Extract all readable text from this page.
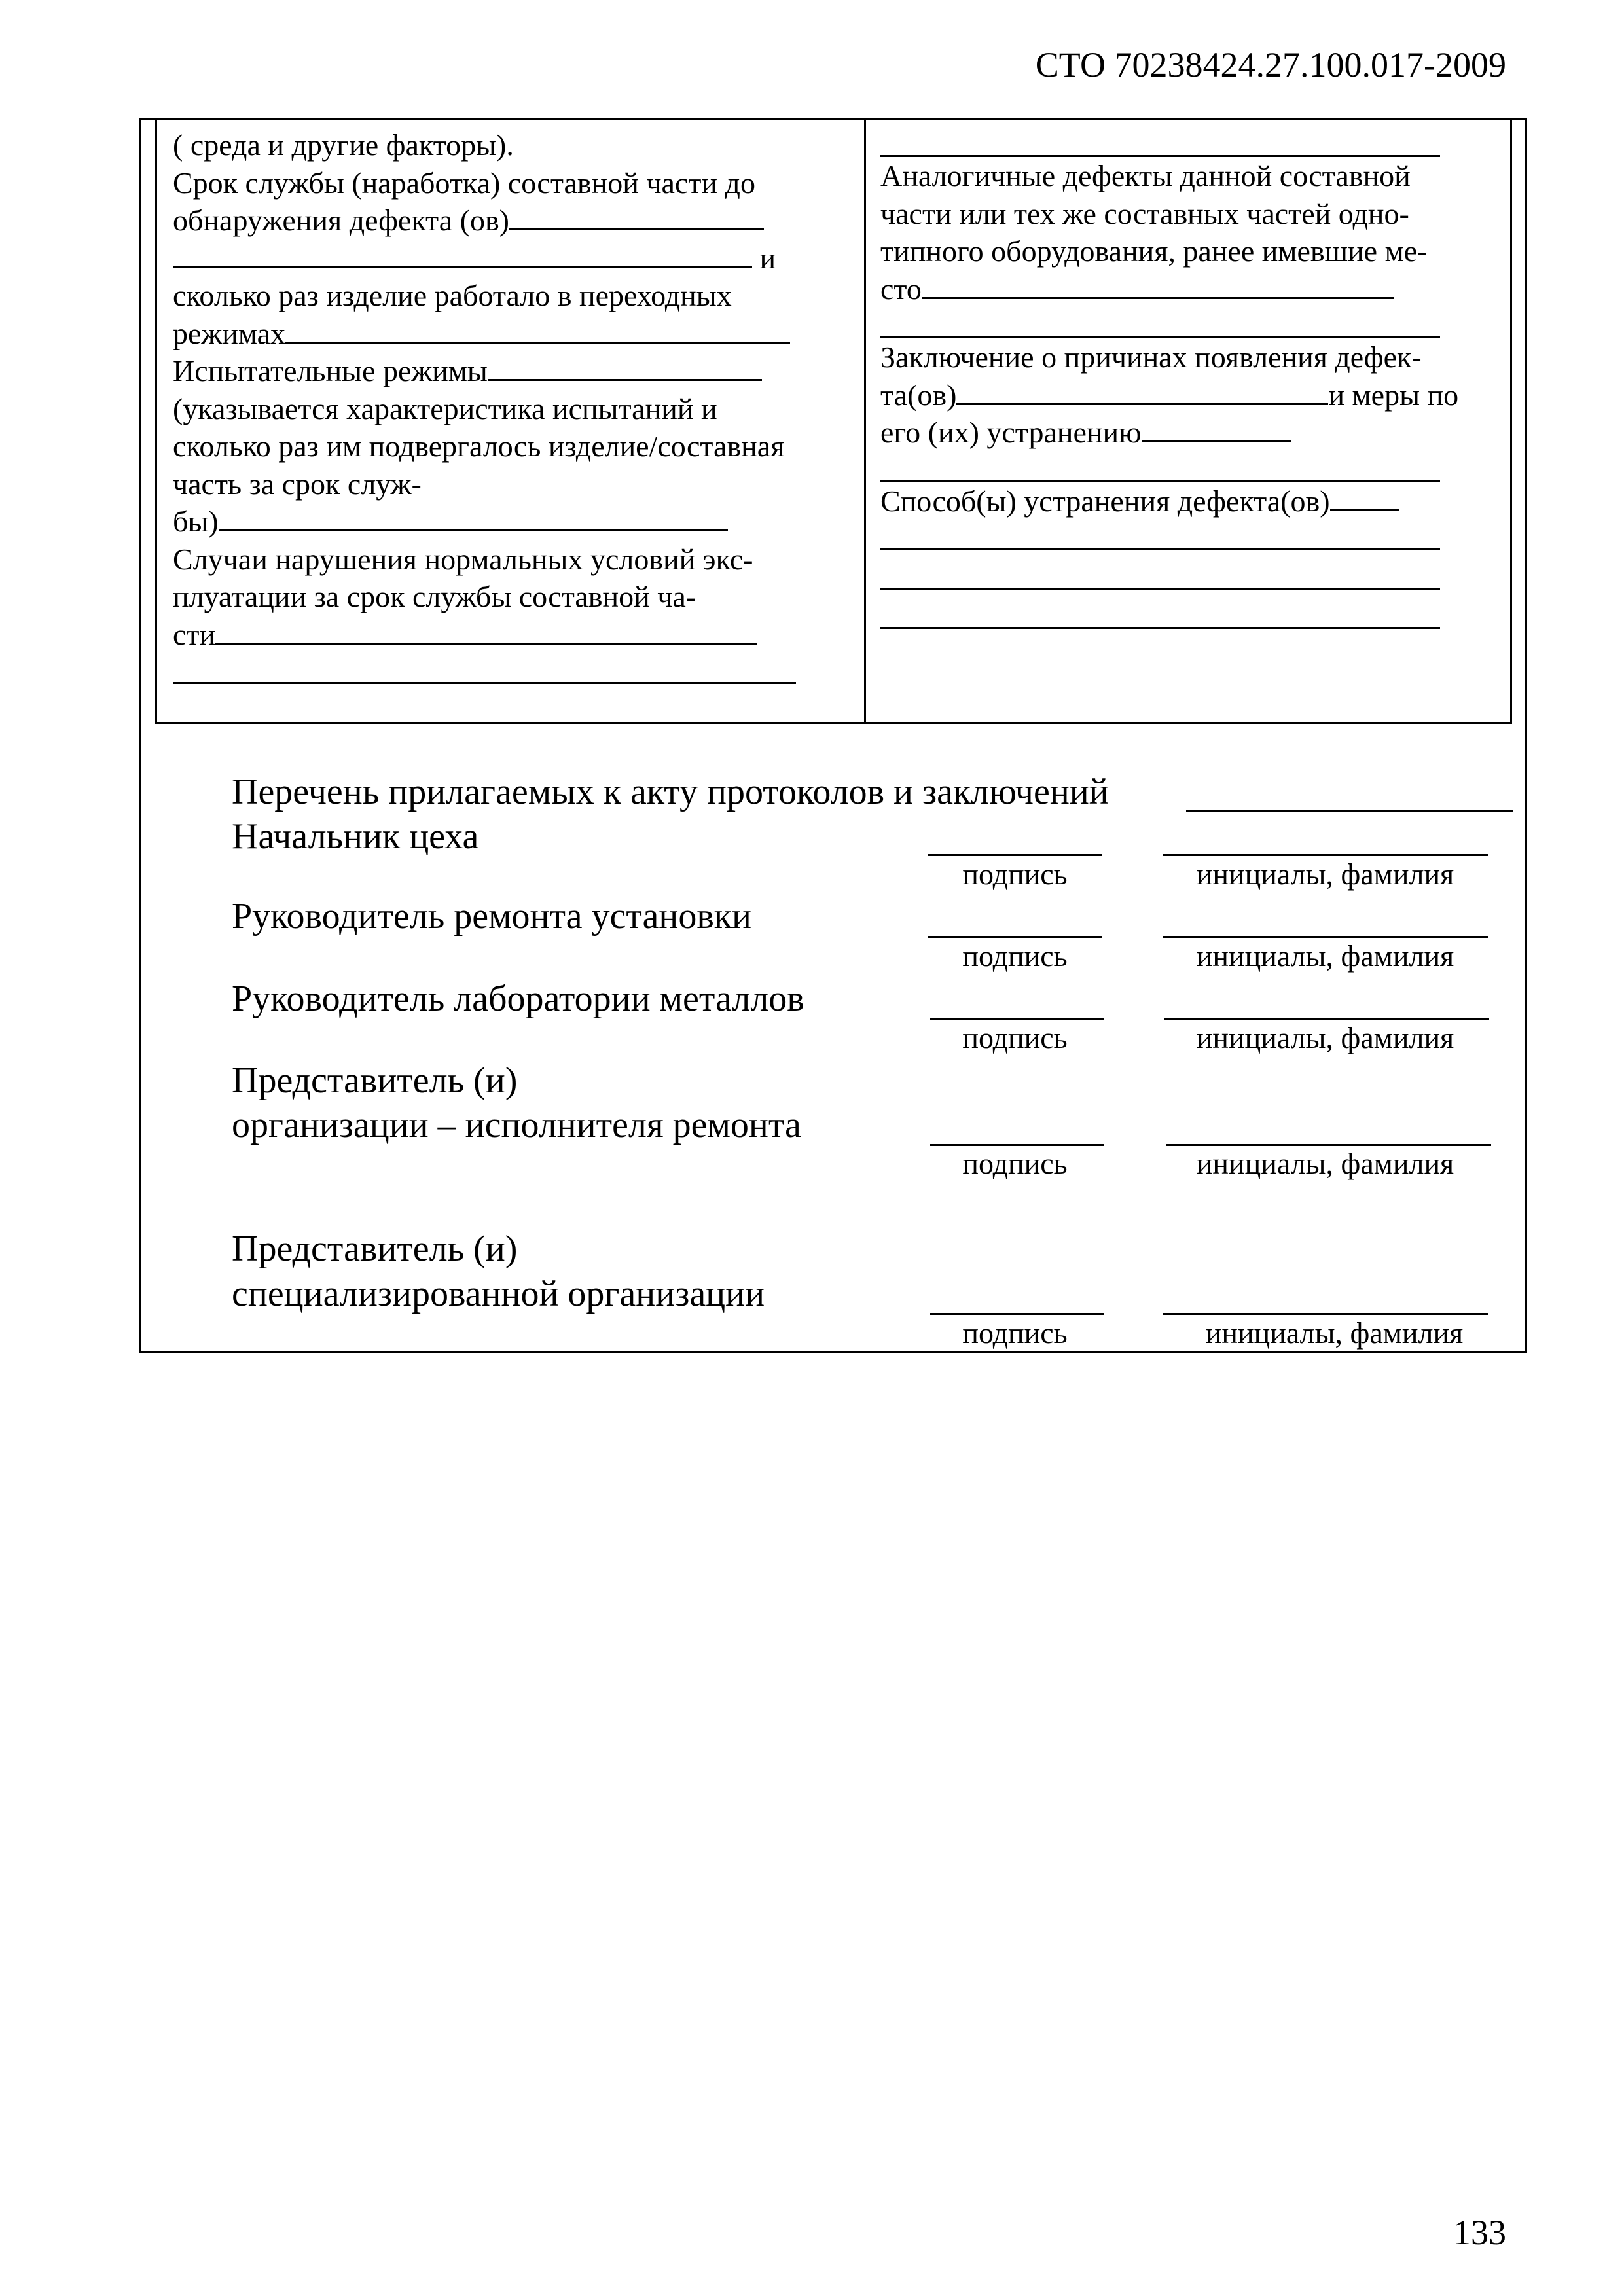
СТО 70238424.27.100.017-2009
( среда и другие факторы).
Срок службы (наработка) составной части до
обнаружения дефекта (ов)
и
сколько раз изделие работало в переходных
режимах
Испытательные режимы
(указывается характеристика испытаний и
сколько раз им подвергалось изделие/составная
часть за срок служ-
бы)
Случаи нарушения нормальных условий экс-
плуатации за срок службы составной ча-
сти
Аналогичные дефекты данной составной
части или тех же составных частей одно-
типного оборудования, ранее имевшие ме-
сто
Заключение о причинах появления дефек-
та(ов)	и меры по
его (их) устранению
Способ(ы) устранения дефекта(ов)
Перечень прилагаемых к акту протоколов и заключений
Начальник цеха
подпись	инициалы, фамилия
Руководитель ремонта установки
подпись	инициалы, фамилия
Руководитель лаборатории металлов
подпись	инициалы, фамилия
Представитель (и)
организации – исполнителя ремонта
подпись	инициалы, фамилия
Представитель (и)
специализированной организации
подпись	инициалы, фамилия
133
